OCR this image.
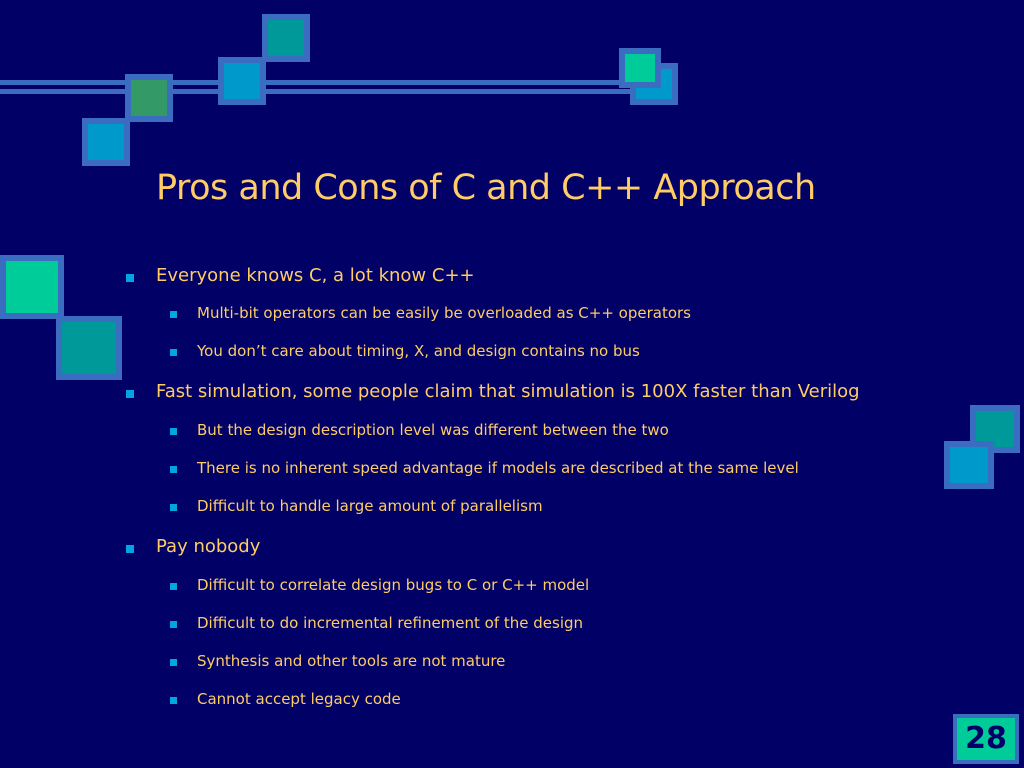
Pros and Cons of C and C++ Approach
Everyone knows C, a lot know C++
Multi-bit operators can be easily be overloaded as C++ operators
You don’t care about timing, X, and design contains no bus
Fast simulation, some people claim that simulation is 100X faster than Verilog
But the design description level was different between the two
There is no inherent speed advantage if models are described at the same level
Difficult to handle large amount of parallelism
Pay nobody
Difficult to correlate design bugs to C or C++ model
Difficult to do incremental refinement of the design
Synthesis and other tools are not mature
Cannot accept legacy code
28
